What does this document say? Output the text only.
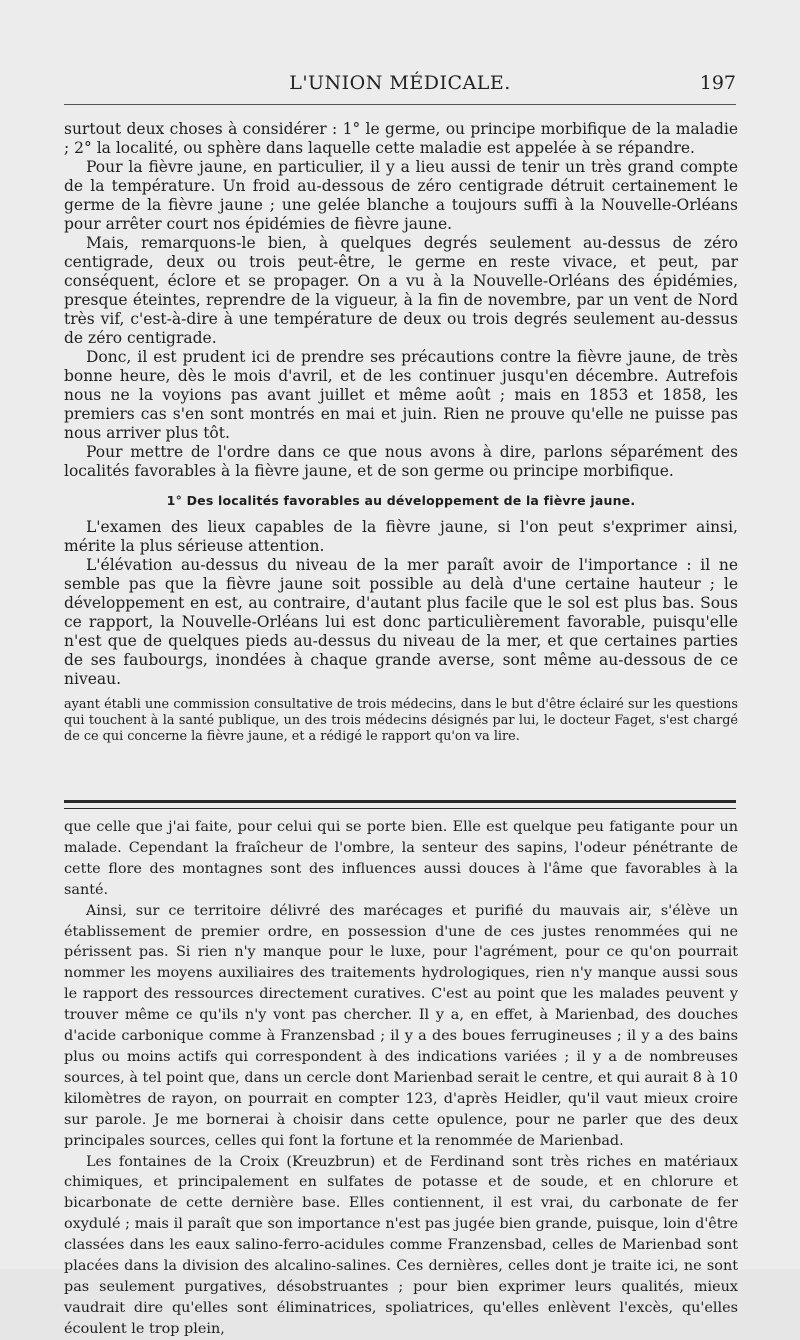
L'UNION MÉDICALE.	197

surtout deux choses à considérer : 1° le germe, ou principe morbifique de la maladie ; 2° la localité, ou sphère dans laquelle cette maladie est appelée à se répandre.

Pour la fièvre jaune, en particulier, il y a lieu aussi de tenir un très grand compte de la température. Un froid au-dessous de zéro centigrade détruit certainement le germe de la fièvre jaune ; une gelée blanche a toujours suffi à la Nouvelle-Orléans pour arrêter court nos épidémies de fièvre jaune.

Mais, remarquons-le bien, à quelques degrés seulement au-dessus de zéro centigrade, deux ou trois peut-être, le germe en reste vivace, et peut, par conséquent, éclore et se propager. On a vu à la Nouvelle-Orléans des épidémies, presque éteintes, reprendre de la vigueur, à la fin de novembre, par un vent de Nord très vif, c'est-à-dire à une température de deux ou trois degrés seulement au-dessus de zéro centigrade.

Donc, il est prudent ici de prendre ses précautions contre la fièvre jaune, de très bonne heure, dès le mois d'avril, et de les continuer jusqu'en décembre. Autrefois nous ne la voyions pas avant juillet et même août ; mais en 1853 et 1858, les premiers cas s'en sont montrés en mai et juin. Rien ne prouve qu'elle ne puisse pas nous arriver plus tôt.

Pour mettre de l'ordre dans ce que nous avons à dire, parlons séparément des localités favorables à la fièvre jaune, et de son germe ou principe morbifique.

1° Des localités favorables au développement de la fièvre jaune.

L'examen des lieux capables de la fièvre jaune, si l'on peut s'exprimer ainsi, mérite la plus sérieuse attention.

L'élévation au-dessus du niveau de la mer paraît avoir de l'importance : il ne semble pas que la fièvre jaune soit possible au delà d'une certaine hauteur ; le développement en est, au contraire, d'autant plus facile que le sol est plus bas. Sous ce rapport, la Nouvelle-Orléans lui est donc particulièrement favorable, puisqu'elle n'est que de quelques pieds au-dessus du niveau de la mer, et que certaines parties de ses faubourgs, inondées à chaque grande averse, sont même au-dessous de ce niveau.

ayant établi une commission consultative de trois médecins, dans le but d'être éclairé sur les questions qui touchent à la santé publique, un des trois médecins désignés par lui, le docteur Faget, s'est chargé de ce qui concerne la fièvre jaune, et a rédigé le rapport qu'on va lire.

que celle que j'ai faite, pour celui qui se porte bien. Elle est quelque peu fatigante pour un malade. Cependant la fraîcheur de l'ombre, la senteur des sapins, l'odeur pénétrante de cette flore des montagnes sont des influences aussi douces à l'âme que favorables à la santé.

Ainsi, sur ce territoire délivré des marécages et purifié du mauvais air, s'élève un établissement de premier ordre, en possession d'une de ces justes renommées qui ne périssent pas. Si rien n'y manque pour le luxe, pour l'agrément, pour ce qu'on pourrait nommer les moyens auxiliaires des traitements hydrologiques, rien n'y manque aussi sous le rapport des ressources directement curatives. C'est au point que les malades peuvent y trouver même ce qu'ils n'y vont pas chercher. Il y a, en effet, à Marienbad, des douches d'acide carbonique comme à Franzensbad ; il y a des boues ferrugineuses ; il y a des bains plus ou moins actifs qui correspondent à des indications variées ; il y a de nombreuses sources, à tel point que, dans un cercle dont Marienbad serait le centre, et qui aurait 8 à 10 kilomètres de rayon, on pourrait en compter 123, d'après Heidler, qu'il vaut mieux croire sur parole. Je me bornerai à choisir dans cette opulence, pour ne parler que des deux principales sources, celles qui font la fortune et la renommée de Marienbad.

Les fontaines de la Croix (Kreuzbrun) et de Ferdinand sont très riches en matériaux chimiques, et principalement en sulfates de potasse et de soude, et en chlorure et bicarbonate de cette dernière base. Elles contiennent, il est vrai, du carbonate de fer oxydulé ; mais il paraît que son importance n'est pas jugée bien grande, puisque, loin d'être classées dans les eaux salino-ferro-acidules comme Franzensbad, celles de Marienbad sont placées dans la division des alcalino-salines. Ces dernières, celles dont je traite ici, ne sont pas seulement purgatives, désobstruantes ; pour bien exprimer leurs qualités, mieux vaudrait dire qu'elles sont éliminatrices, spoliatrices, qu'elles enlèvent l'excès, qu'elles écoulent le trop plein,
